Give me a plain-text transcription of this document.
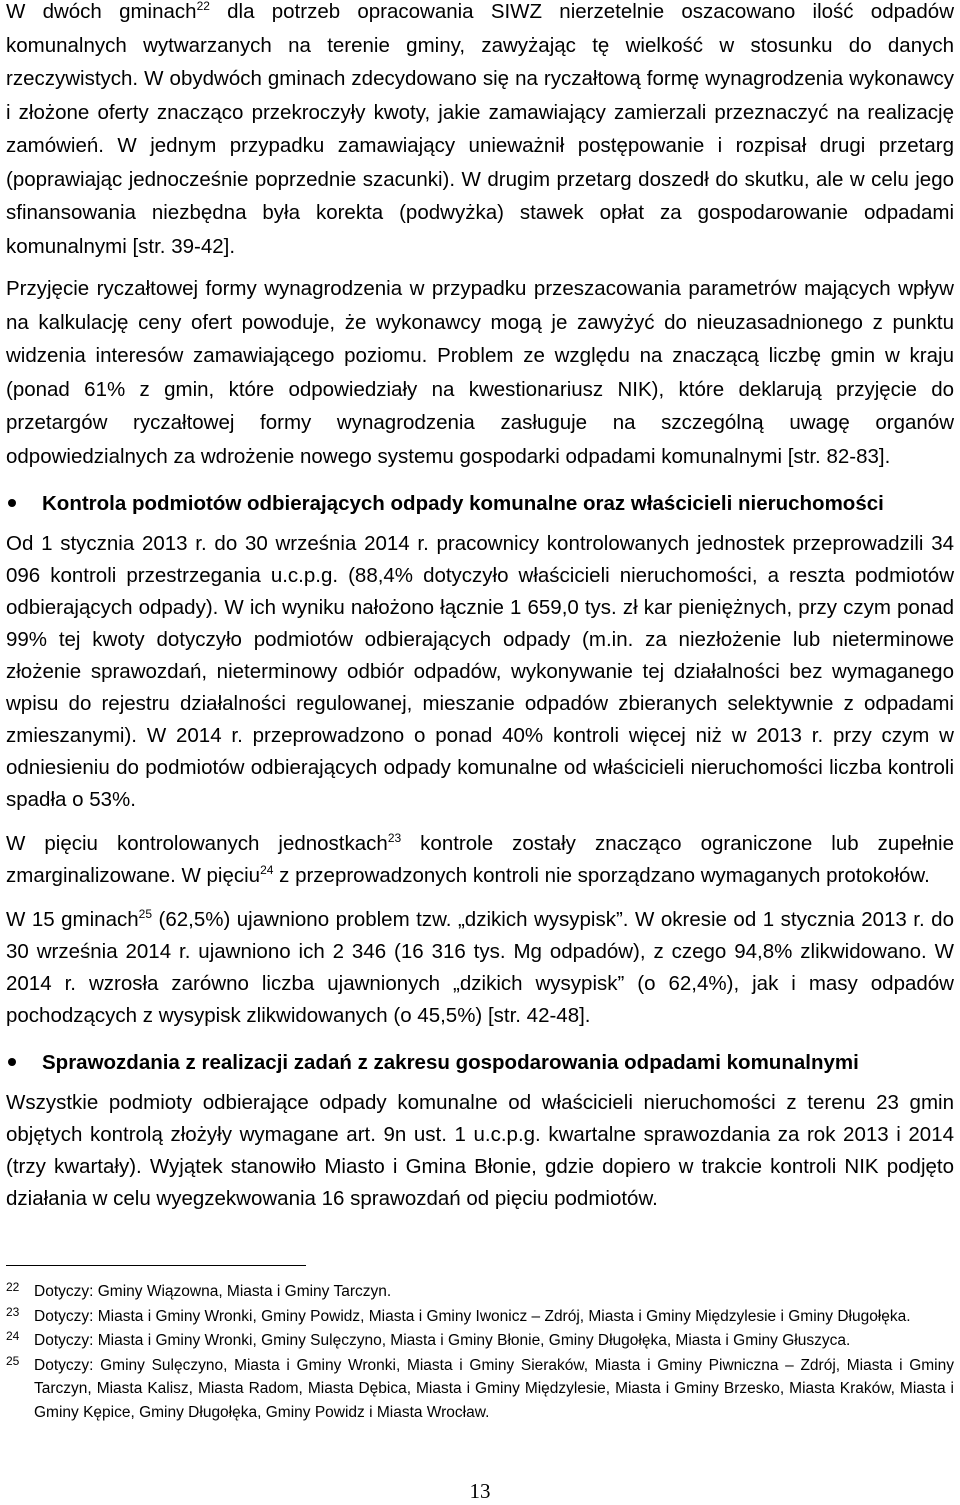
W dwóch gminach$^{22}$ dla potrzeb opracowania SIWZ nierzetelnie oszacowano ilość odpadów komunalnych wytwarzanych na terenie gminy, zawyżając tę wielkość w stosunku do danych rzeczywistych. W obydwóch gminach zdecydowano się na ryczałtową formę wynagrodzenia wykonawcy i złożone oferty znacząco przekroczyły kwoty, jakie zamawiający zamierzali przeznaczyć na realizację zamówień. W jednym przypadku zamawiający unieważnił postępowanie i rozpisał drugi przetarg (poprawiając jednocześnie poprzednie szacunki). W drugim przetarg doszedł do skutku, ale w celu jego sfinansowania niezbędna była korekta (podwyżka) stawek opłat za gospodarowanie odpadami komunalnymi [str. 39-42].

Przyjęcie ryczałtowej formy wynagrodzenia w przypadku przeszacowania parametrów mających wpływ na kalkulację ceny ofert powoduje, że wykonawcy mogą je zawyżyć do nieuzasadnionego z punktu widzenia interesów zamawiającego poziomu. Problem ze względu na znaczącą liczbę gmin w kraju (ponad 61% z gmin, które odpowiedziały na kwestionariusz NIK), które deklarują przyjęcie do przetargów ryczałtowej formy wynagrodzenia zasługuje na szczególną uwagę organów odpowiedzialnych za wdrożenie nowego systemu gospodarki odpadami komunalnymi [str. 82-83].

Kontrola podmiotów odbierających odpady komunalne oraz właścicieli nieruchomości

Od 1 stycznia 2013 r. do 30 września 2014 r. pracownicy kontrolowanych jednostek przeprowadzili 34 096 kontroli przestrzegania u.c.p.g. (88,4% dotyczyło właścicieli nieruchomości, a reszta podmiotów odbierających odpady). W ich wyniku nałożono łącznie 1 659,0 tys. zł kar pieniężnych, przy czym ponad 99% tej kwoty dotyczyło podmiotów odbierających odpady (m.in. za niezłożenie lub nieterminowe złożenie sprawozdań, nieterminowy odbiór odpadów, wykonywanie tej działalności bez wymaganego wpisu do rejestru działalności regulowanej, mieszanie odpadów zbieranych selektywnie z odpadami zmieszanymi). W 2014 r. przeprowadzono o ponad 40% kontroli więcej niż w 2013 r. przy czym w odniesieniu do podmiotów odbierających odpady komunalne od właścicieli nieruchomości liczba kontroli spadła o 53%.

W pięciu kontrolowanych jednostkach$^{23}$ kontrole zostały znacząco ograniczone lub zupełnie zmarginalizowane. W pięciu$^{24}$ z przeprowadzonych kontroli nie sporządzano wymaganych protokołów.

W 15 gminach$^{25}$ (62,5%) ujawniono problem tzw. „dzikich wysypisk”. W okresie od 1 stycznia 2013 r. do 30 września 2014 r. ujawniono ich 2 346 (16 316 tys. Mg odpadów), z czego 94,8% zlikwidowano. W 2014 r. wzrosła zarówno liczba ujawnionych „dzikich wysypisk” (o 62,4%), jak i masy odpadów pochodzących z wysypisk zlikwidowanych (o 45,5%) [str. 42-48].

Sprawozdania z realizacji zadań z zakresu gospodarowania odpadami komunalnymi

Wszystkie podmioty odbierające odpady komunalne od właścicieli nieruchomości z terenu 23 gmin objętych kontrolą złożyły wymagane art. 9n ust. 1 u.c.p.g. kwartalne sprawozdania za rok 2013 i 2014 (trzy kwartały). Wyjątek stanowiło Miasto i Gmina Błonie, gdzie dopiero w trakcie kontroli NIK podjęto działania w celu wyegzekwowania 16 sprawozdań od pięciu podmiotów.

22 Dotyczy: Gminy Wiązowna, Miasta i Gminy Tarczyn.
23 Dotyczy: Miasta i Gminy Wronki, Gminy Powidz, Miasta i Gminy Iwonicz – Zdrój, Miasta i Gminy Międzylesie i Gminy Długołęka.
24 Dotyczy: Miasta i Gminy Wronki, Gminy Sulęczyno, Miasta i Gminy Błonie, Gminy Długołęka, Miasta i Gminy Głuszyca.
25 Dotyczy: Gminy Sulęczyno, Miasta i Gminy Wronki, Miasta i Gminy Sieraków, Miasta i Gminy Piwniczna – Zdrój, Miasta i Gminy Tarczyn, Miasta Kalisz, Miasta Radom, Miasta Dębica, Miasta i Gminy Międzylesie, Miasta i Gminy Brzesko, Miasta Kraków, Miasta i Gminy Kępice, Gminy Długołęka, Gminy Powidz i Miasta Wrocław.
13
